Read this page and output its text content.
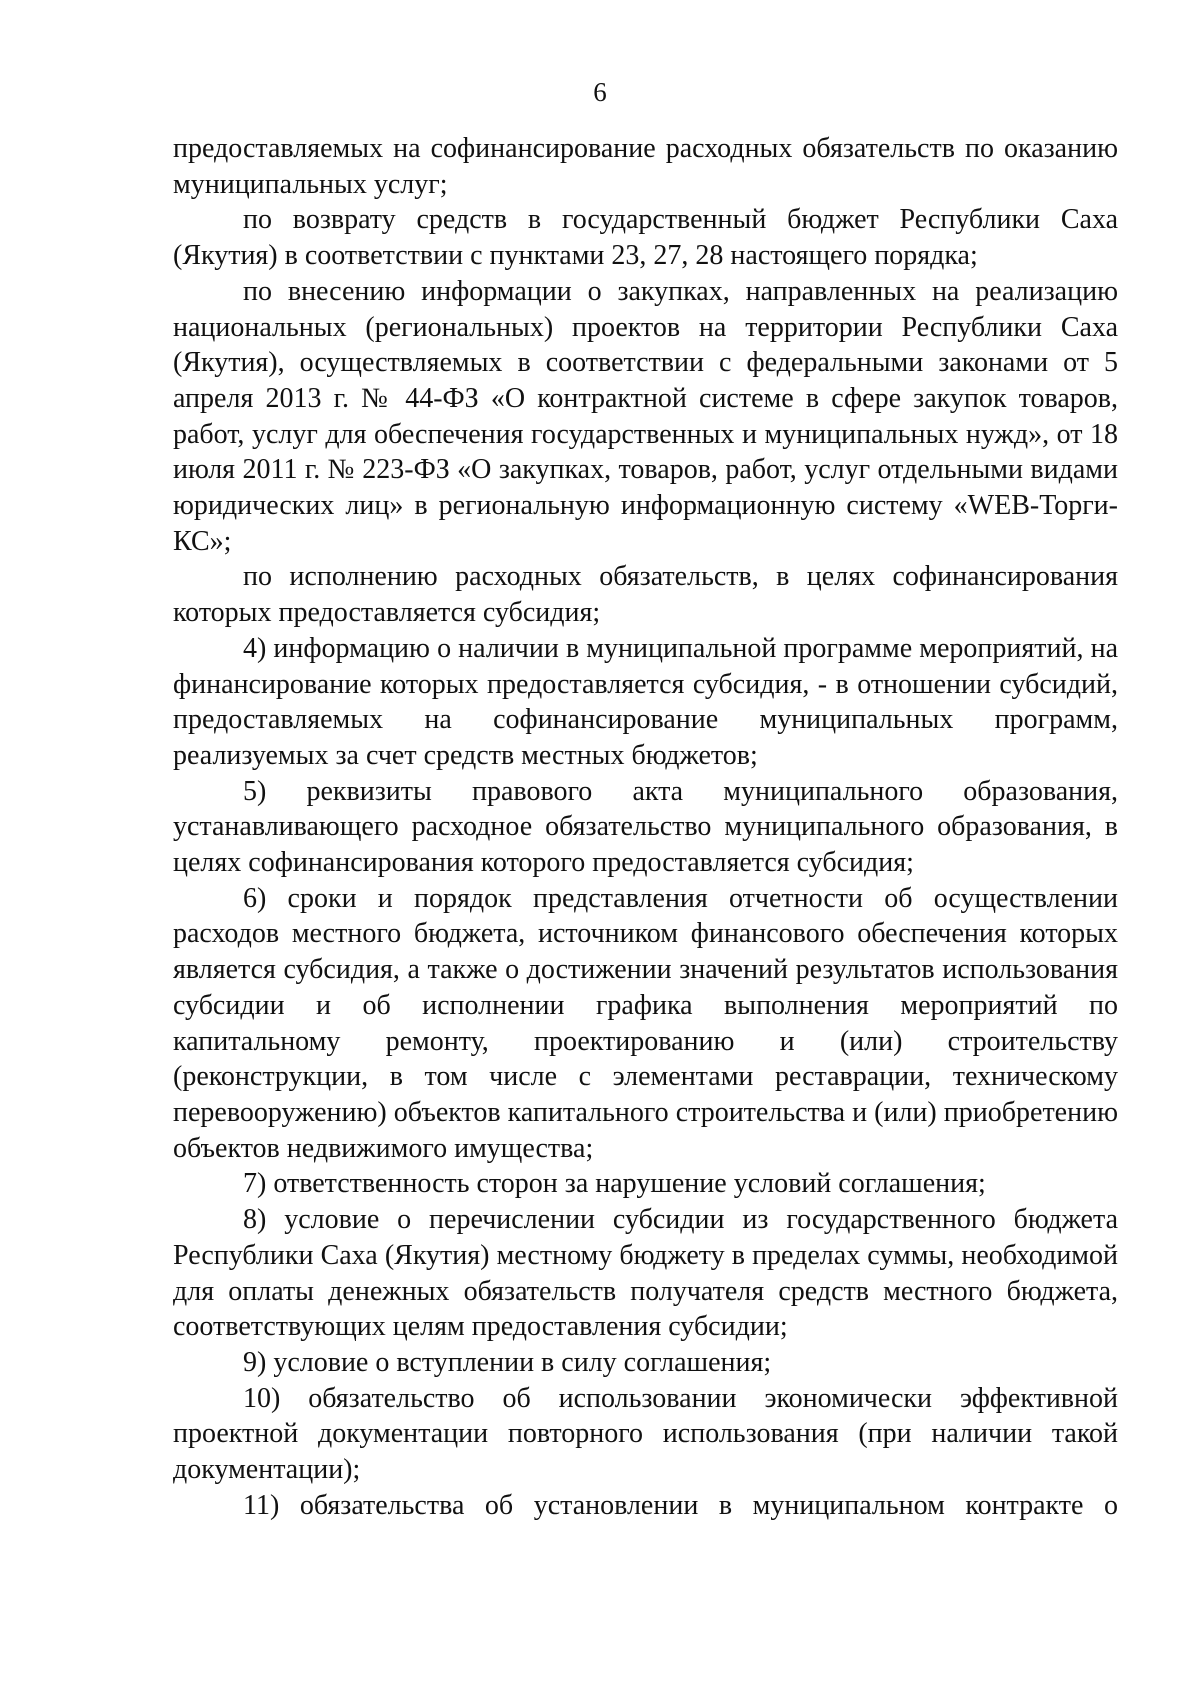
6

предоставляемых на софинансирование расходных обязательств по оказанию муниципальных услуг;

по возврату средств в государственный бюджет Республики Саха (Якутия) в соответствии с пунктами 23, 27, 28 настоящего порядка;

по внесению информации о закупках, направленных на реализацию национальных (региональных) проектов на территории Республики Саха (Якутия), осуществляемых в соответствии с федеральными законами от 5 апреля 2013 г. № 44-ФЗ «О контрактной системе в сфере закупок товаров, работ, услуг для обеспечения государственных и муниципальных нужд», от 18 июля 2011 г. № 223-ФЗ «О закупках, товаров, работ, услуг отдельными видами юридических лиц» в региональную информационную систему «WEB-Торги-КС»;

по исполнению расходных обязательств, в целях софинансирования которых предоставляется субсидия;

4) информацию о наличии в муниципальной программе мероприятий, на финансирование которых предоставляется субсидия, - в отношении субсидий, предоставляемых на софинансирование муниципальных программ, реализуемых за счет средств местных бюджетов;

5) реквизиты правового акта муниципального образования, устанавливающего расходное обязательство муниципального образования, в целях софинансирования которого предоставляется субсидия;

6) сроки и порядок представления отчетности об осуществлении расходов местного бюджета, источником финансового обеспечения которых является субсидия, а также о достижении значений результатов использования субсидии и об исполнении графика выполнения мероприятий по капитальному ремонту, проектированию и (или) строительству (реконструкции, в том числе с элементами реставрации, техническому перевооружению) объектов капитального строительства и (или) приобретению объектов недвижимого имущества;

7) ответственность сторон за нарушение условий соглашения;

8) условие о перечислении субсидии из государственного бюджета Республики Саха (Якутия) местному бюджету в пределах суммы, необходимой для оплаты денежных обязательств получателя средств местного бюджета, соответствующих целям предоставления субсидии;

9) условие о вступлении в силу соглашения;

10) обязательство об использовании экономически эффективной проектной документации повторного использования (при наличии такой документации);

11) обязательства об установлении в муниципальном контракте о
